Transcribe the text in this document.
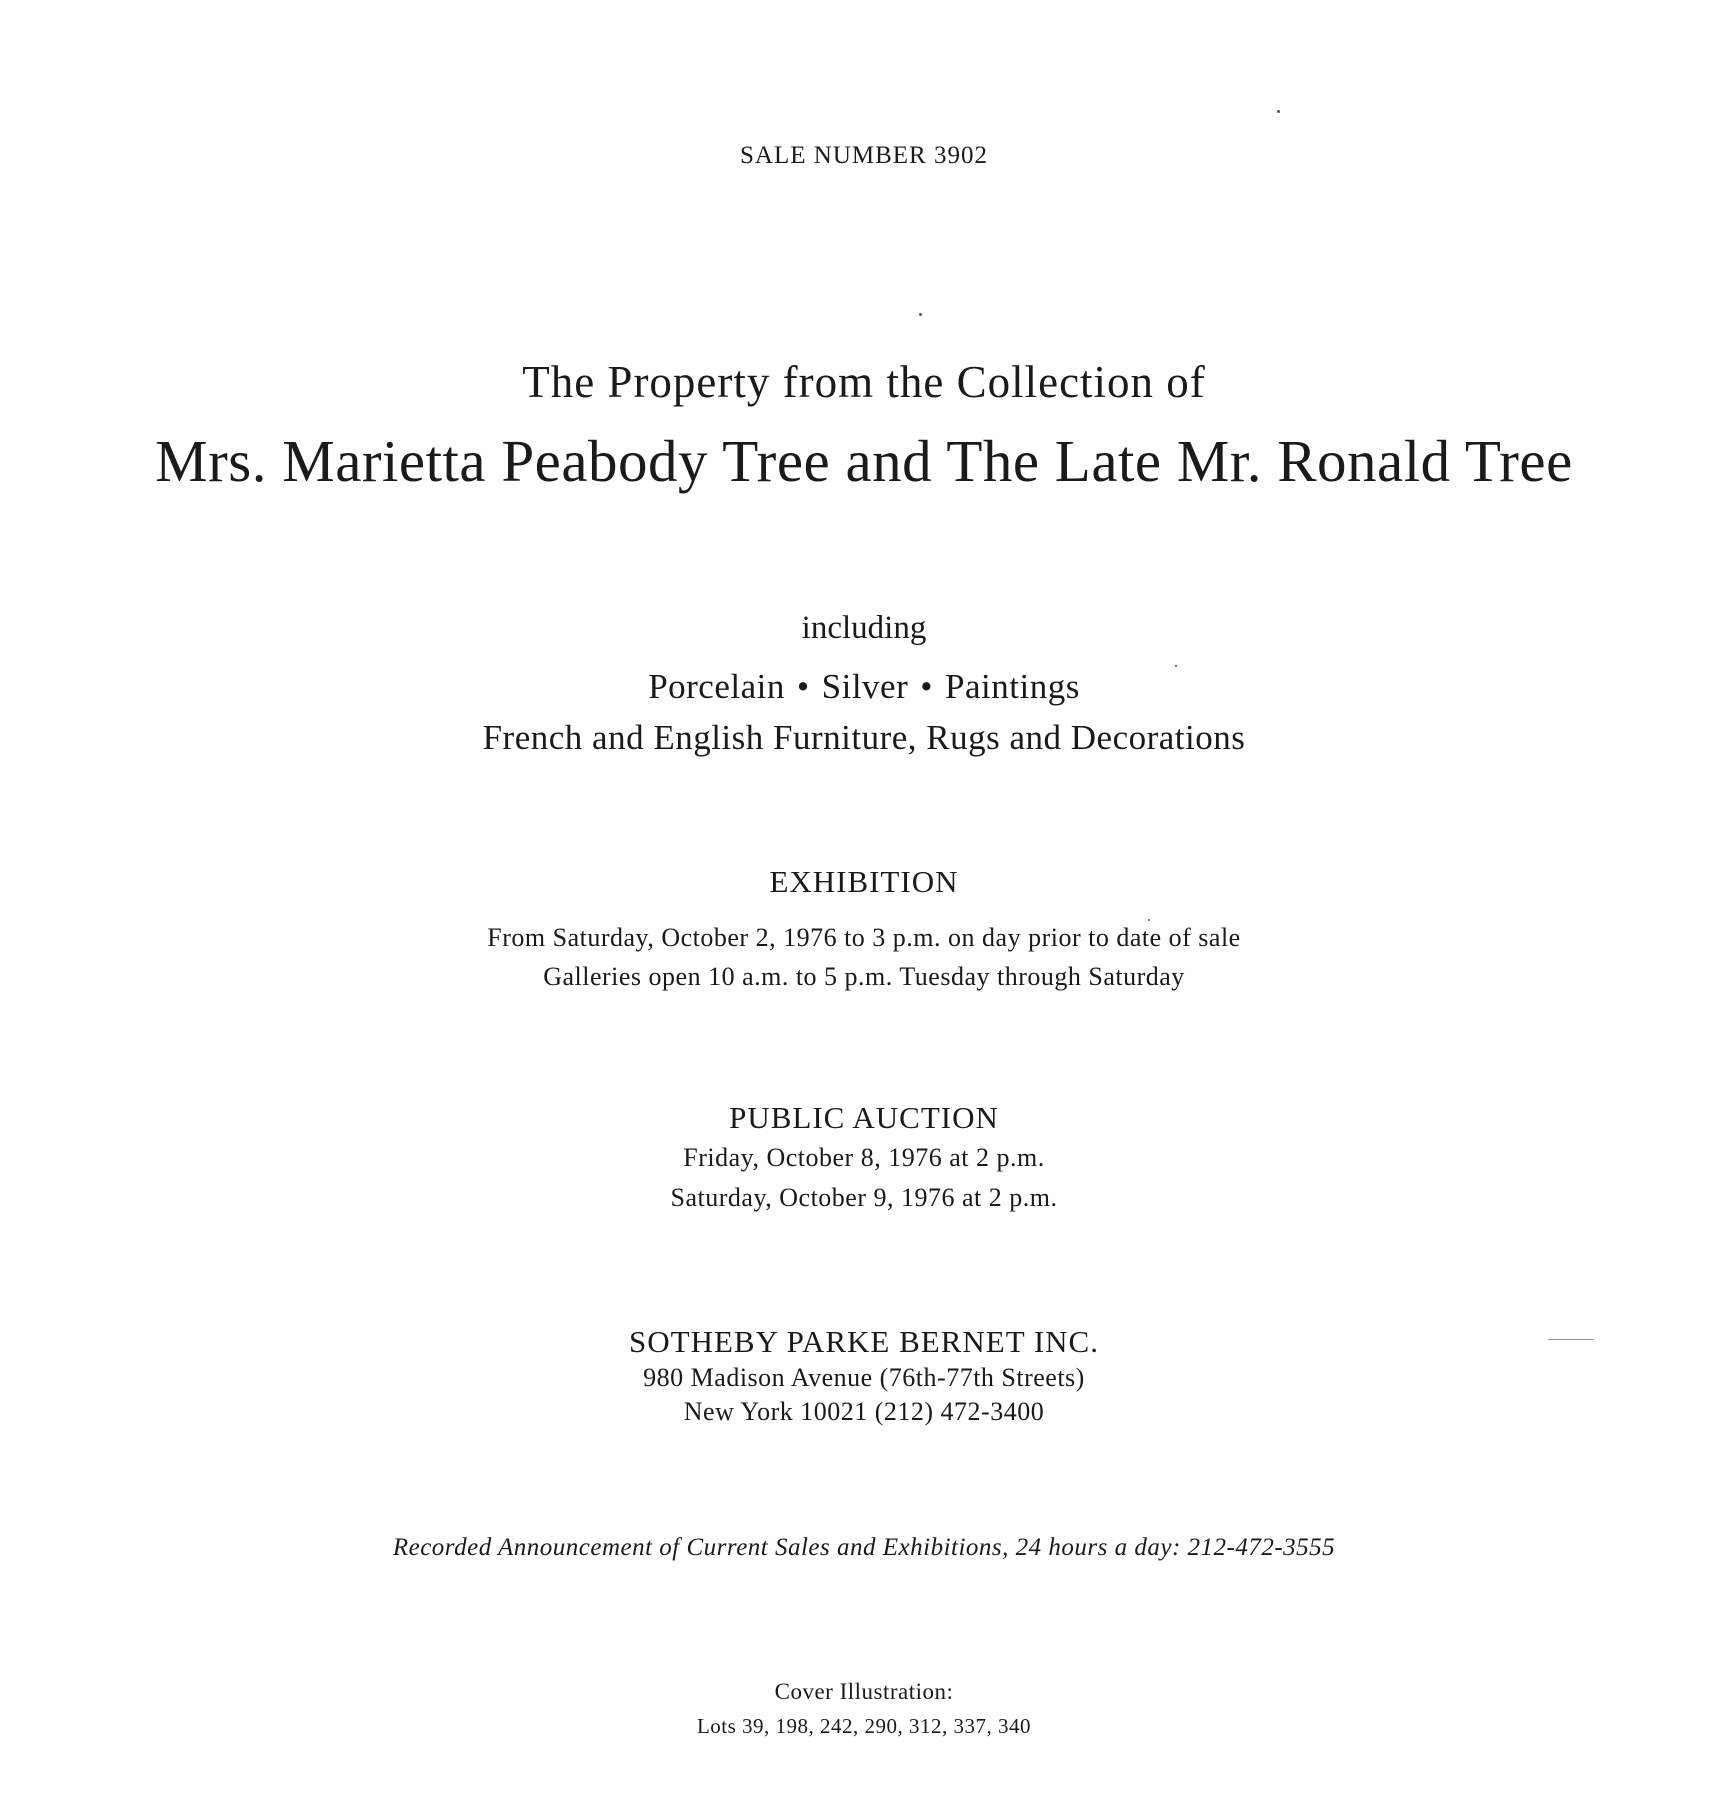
SALE NUMBER 3902

The Property from the Collection of

Mrs. Marietta Peabody Tree and The Late Mr. Ronald Tree

including

Porcelain • Silver • Paintings

French and English Furniture, Rugs and Decorations

EXHIBITION

From Saturday, October 2, 1976 to 3 p.m. on day prior to date of sale

Galleries open 10 a.m. to 5 p.m. Tuesday through Saturday

PUBLIC AUCTION

Friday, October 8, 1976 at 2 p.m.

Saturday, October 9, 1976 at 2 p.m.

SOTHEBY PARKE BERNET INC.

980 Madison Avenue (76th-77th Streets)

New York 10021 (212) 472-3400

Recorded Announcement of Current Sales and Exhibitions, 24 hours a day: 212-472-3555

Cover Illustration:

Lots 39, 198, 242, 290, 312, 337, 340
